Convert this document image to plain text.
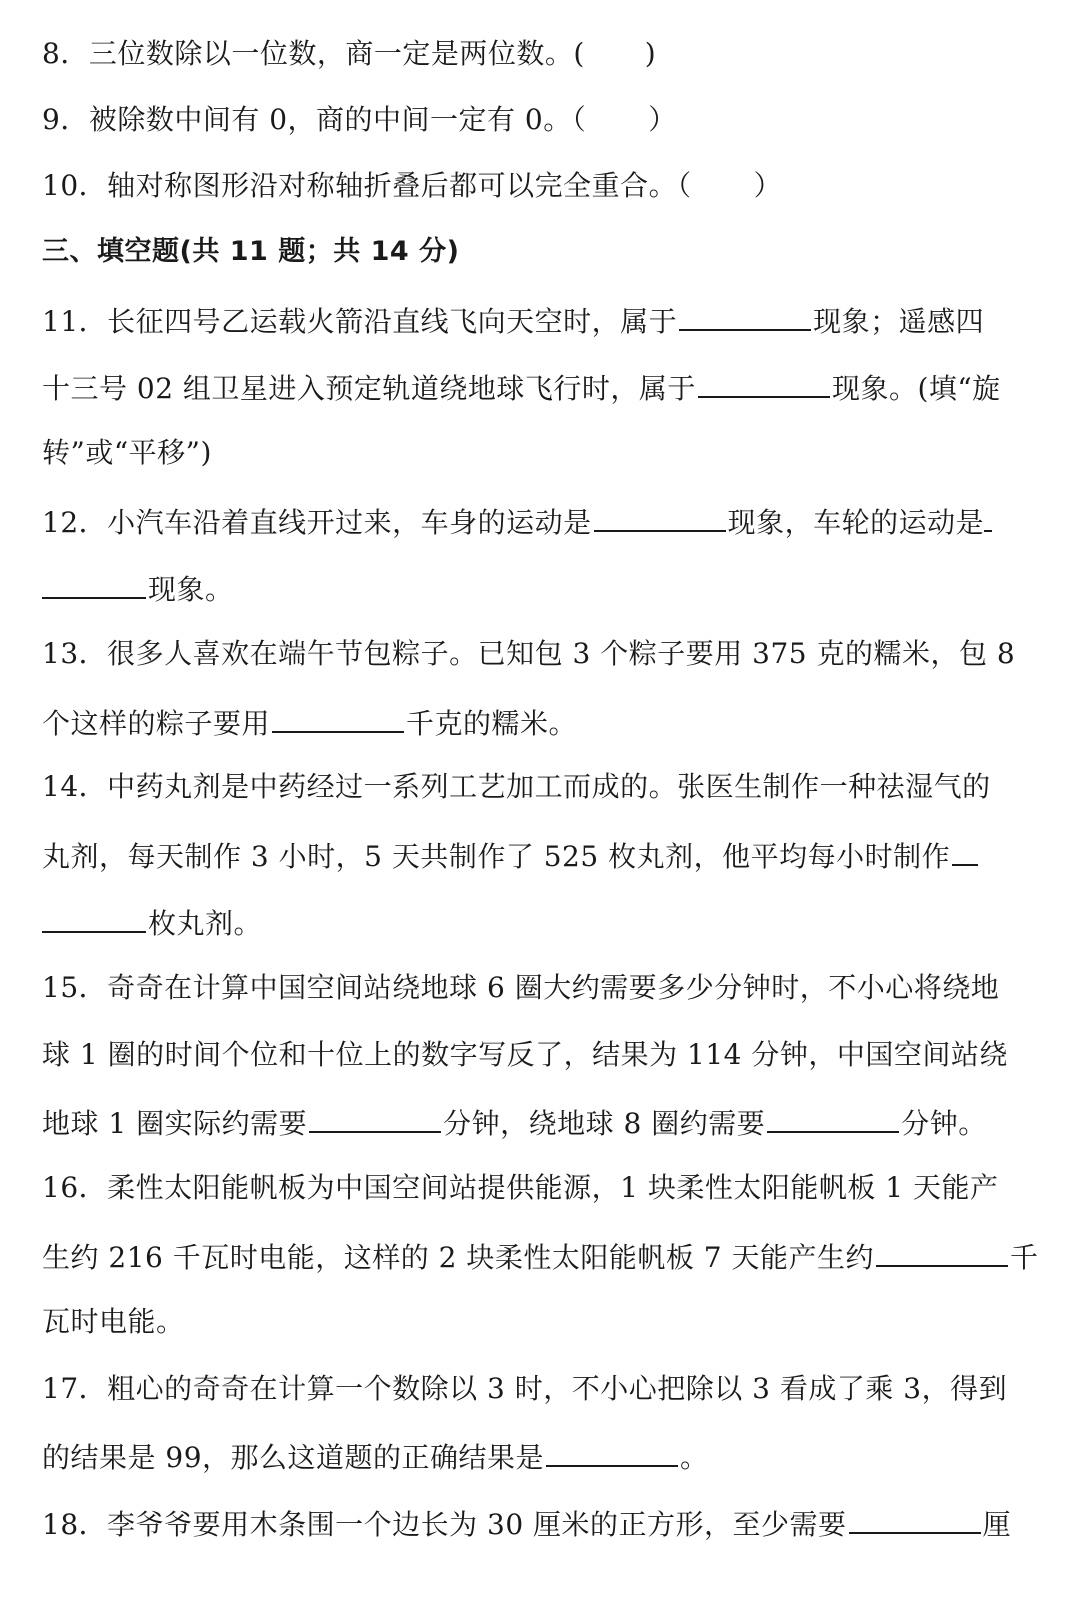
8．三位数除以一位数，商一定是两位数。( )
9．被除数中间有 0，商的中间一定有 0。（ ）
10．轴对称图形沿对称轴折叠后都可以完全重合。（ ）
三、填空题(共 11 题；共 14 分)
11．长征四号乙运载火箭沿直线飞向天空时，属于	现象；遥感四
十三号 02 组卫星进入预定轨道绕地球飞行时，属于	现象。(填“旋
转”或“平移”)
12．小汽车沿着直线开过来，车身的运动是	现象，车轮的运动是
现象。
13．很多人喜欢在端午节包粽子。已知包 3 个粽子要用 375 克的糯米，包 8
个这样的粽子要用	千克的糯米。
14．中药丸剂是中药经过一系列工艺加工而成的。张医生制作一种祛湿气的
丸剂，每天制作 3 小时，5 天共制作了 525 枚丸剂，他平均每小时制作
枚丸剂。
15．奇奇在计算中国空间站绕地球 6 圈大约需要多少分钟时，不小心将绕地
球 1 圈的时间个位和十位上的数字写反了，结果为 114 分钟，中国空间站绕
地球 1 圈实际约需要	分钟，绕地球 8 圈约需要	分钟。
16．柔性太阳能帆板为中国空间站提供能源，1 块柔性太阳能帆板 1 天能产
生约 216 千瓦时电能，这样的 2 块柔性太阳能帆板 7 天能产生约	千
瓦时电能。
17．粗心的奇奇在计算一个数除以 3 时，不小心把除以 3 看成了乘 3，得到
的结果是 99，那么这道题的正确结果是	。
18．李爷爷要用木条围一个边长为 30 厘米的正方形，至少需要	厘
